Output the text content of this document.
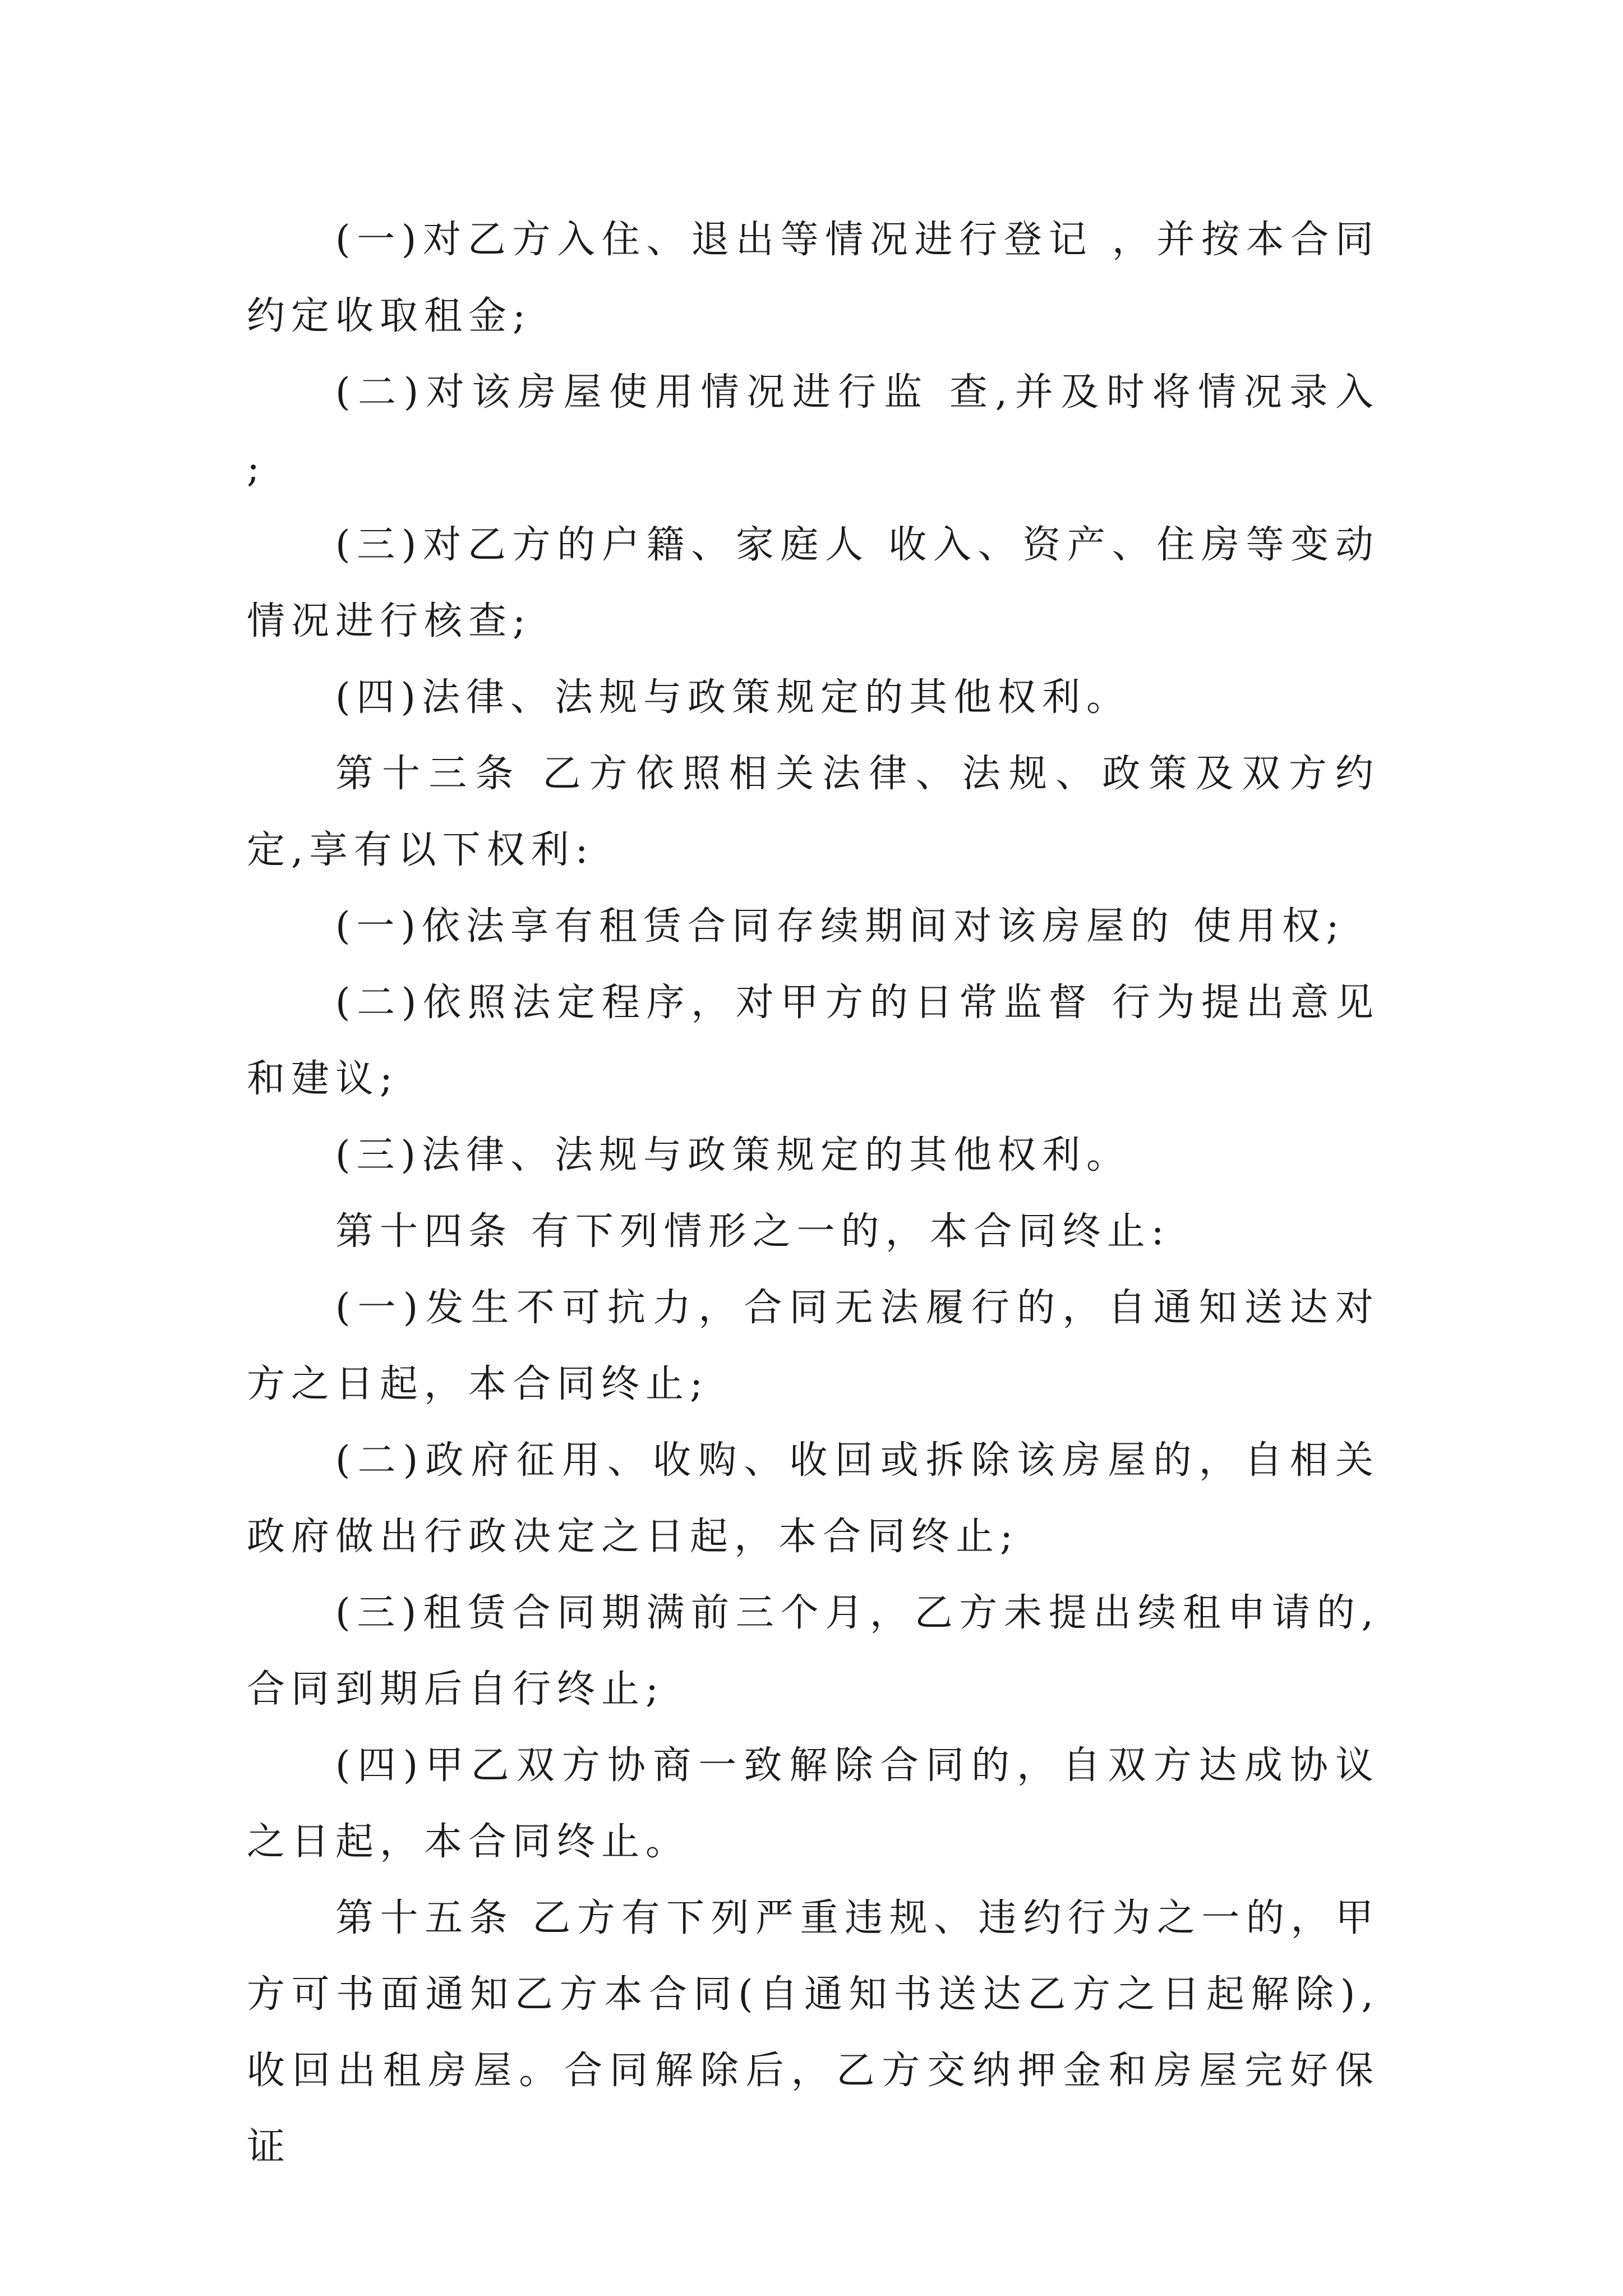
(一)对乙方入住、退出等情况进行登记 ，并按本合同约定收取租金;

(二)对该房屋使用情况进行监 查,并及时将情况录入 ;

(三)对乙方的户籍、家庭人 收入、资产、住房等变动情况进行核查;

(四)法律、法规与政策规定的其他权利。

第十三条 乙方依照相关法律、法规、政策及双方约定,享有以下权利:

(一)依法享有租赁合同存续期间对该房屋的 使用权;

(二)依照法定程序，对甲方的日常监督 行为提出意见和建议;

(三)法律、法规与政策规定的其他权利。

第十四条 有下列情形之一的，本合同终止:

(一)发生不可抗力，合同无法履行的，自通知送达对方之日起，本合同终止;

(二)政府征用、收购、收回或拆除该房屋的，自相关政府做出行政决定之日起，本合同终止;

(三)租赁合同期满前三个月，乙方未提出续租申请的,合同到期后自行终止;

(四)甲乙双方协商一致解除合同的，自双方达成协议之日起，本合同终止。

第十五条 乙方有下列严重违规、违约行为之一的，甲方可书面通知乙方本合同(自通知书送达乙方之日起解除),收回出租房屋。合同解除后，乙方交纳押金和房屋完好保证
